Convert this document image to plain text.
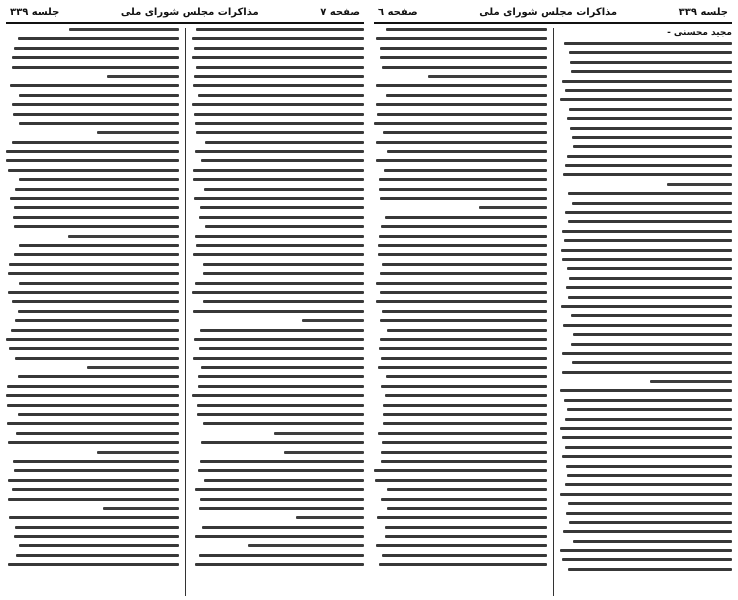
صفحه ٦	مذاکرات مجلس شورای ملی	جلسه ۳۳۹
مجید محسنی -
جلسه ۳۳۹	مذاکرات مجلس شورای ملی	صفحه ۷
